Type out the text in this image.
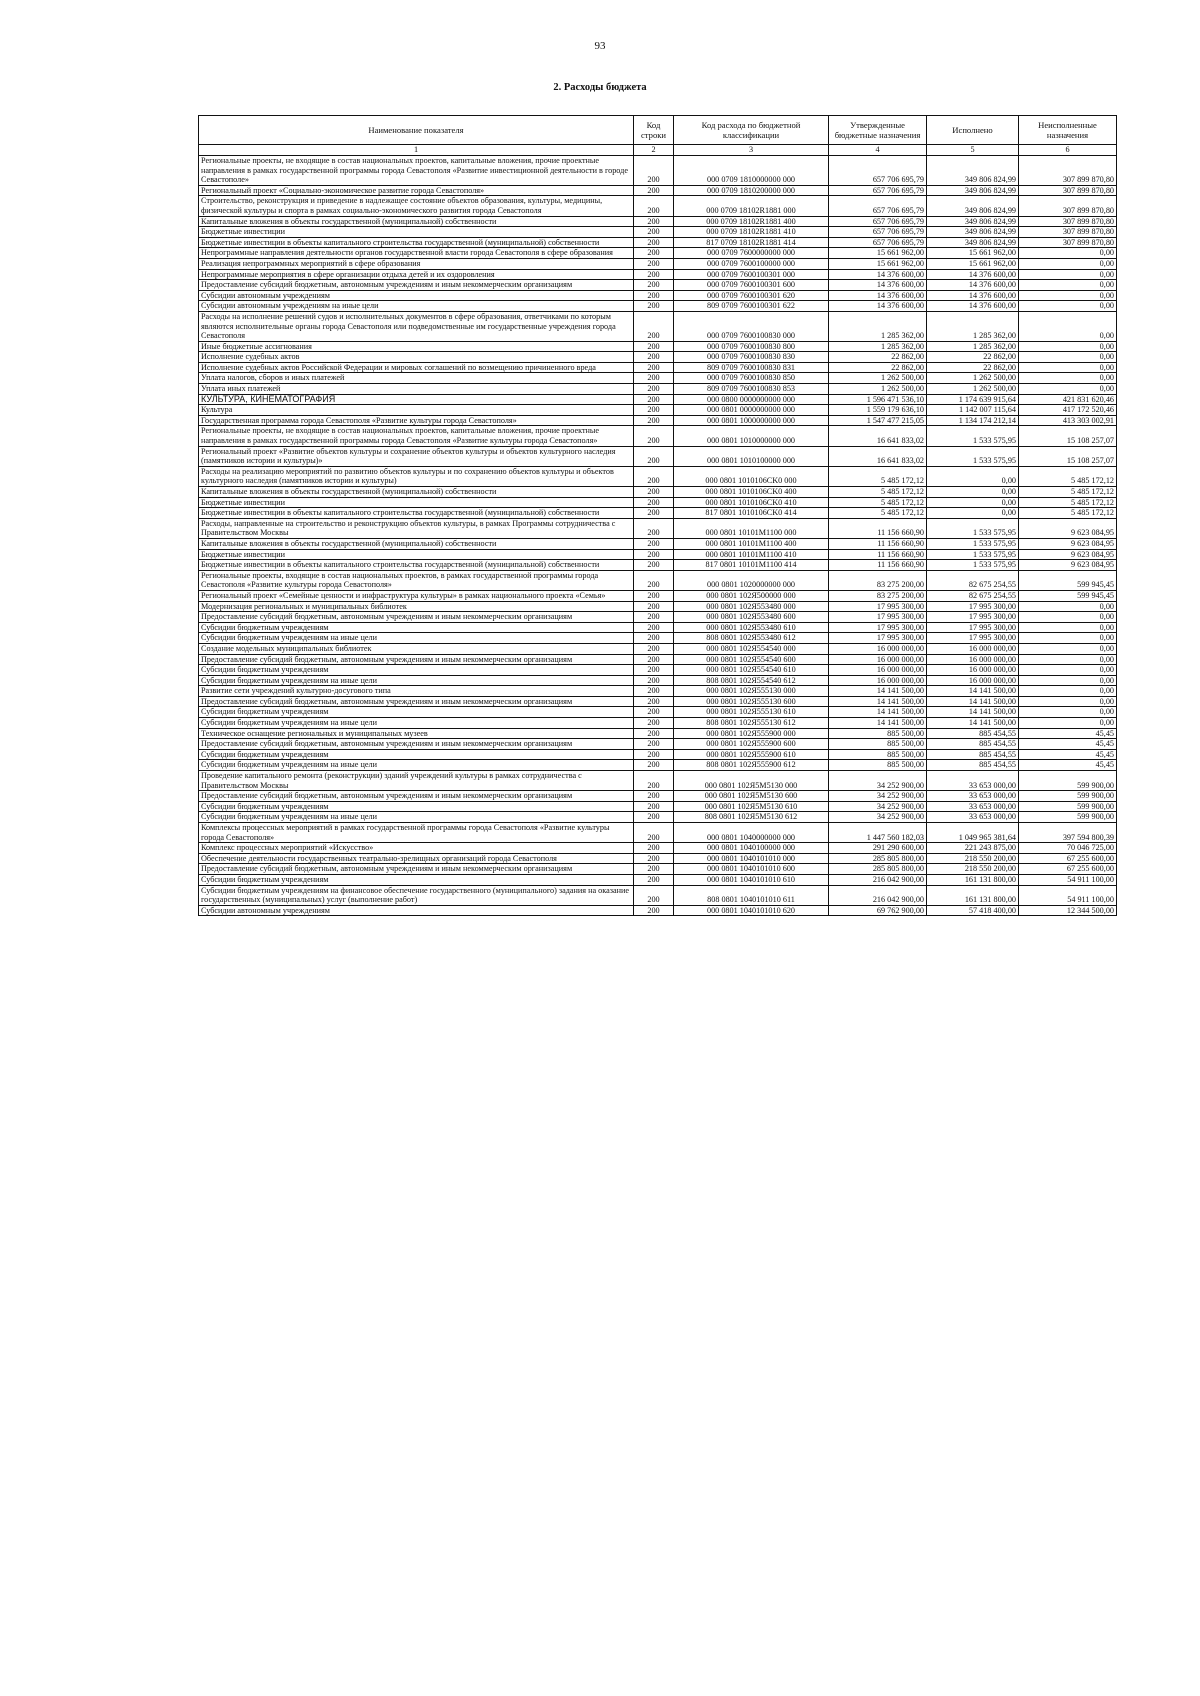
93
2. Расходы бюджета
Наименование показателя	Код строки	Код расхода по бюджетной классификации	Утвержденные бюджетные назначения	Исполнено	Неисполненные назначения
1	2	3	4	5	6
Региональные проекты, не входящие в состав национальных проектов, капитальные вложения, прочие проектные направления в рамках государственной программы города Севастополя «Развитие инвестиционной деятельности в городе Севастополе»	200	000 0709 1810000000 000	657 706 695,79	349 806 824,99	307 899 870,80
Региональный проект «Социально-экономическое развитие города Севастополя»	200	000 0709 1810200000 000	657 706 695,79	349 806 824,99	307 899 870,80
Строительство, реконструкция и приведение в надлежащее состояние объектов образования, культуры, медицины, физической культуры и спорта в рамках социально-экономического развития города Севастополя	200	000 0709 18102R1881 000	657 706 695,79	349 806 824,99	307 899 870,80
Капитальные вложения в объекты государственной (муниципальной) собственности	200	000 0709 18102R1881 400	657 706 695,79	349 806 824,99	307 899 870,80
Бюджетные инвестиции	200	000 0709 18102R1881 410	657 706 695,79	349 806 824,99	307 899 870,80
Бюджетные инвестиции в объекты капитального строительства государственной (муниципальной) собственности	200	817 0709 18102R1881 414	657 706 695,79	349 806 824,99	307 899 870,80
Непрограммные направления деятельности органов государственной власти города Севастополя в сфере образования	200	000 0709 7600000000 000	15 661 962,00	15 661 962,00	0,00
Реализация непрограммных мероприятий в сфере образования	200	000 0709 7600100000 000	15 661 962,00	15 661 962,00	0,00
Непрограммные мероприятия в сфере организации отдыха детей и их оздоровления	200	000 0709 7600100301 000	14 376 600,00	14 376 600,00	0,00
Предоставление субсидий бюджетным, автономным учреждениям и иным некоммерческим организациям	200	000 0709 7600100301 600	14 376 600,00	14 376 600,00	0,00
Субсидии автономным учреждениям	200	000 0709 7600100301 620	14 376 600,00	14 376 600,00	0,00
Субсидии автономным учреждениям на иные цели	200	809 0709 7600100301 622	14 376 600,00	14 376 600,00	0,00
Расходы на исполнение решений судов и исполнительных документов в сфере образования, ответчиками по которым являются исполнительные органы города Севастополя или подведомственные им государственные учреждения города Севастополя	200	000 0709 7600100830 000	1 285 362,00	1 285 362,00	0,00
Иные бюджетные ассигнования	200	000 0709 7600100830 800	1 285 362,00	1 285 362,00	0,00
Исполнение судебных актов	200	000 0709 7600100830 830	22 862,00	22 862,00	0,00
Исполнение судебных актов Российской Федерации и мировых соглашений по возмещению причиненного вреда	200	809 0709 7600100830 831	22 862,00	22 862,00	0,00
Уплата налогов, сборов и иных платежей	200	000 0709 7600100830 850	1 262 500,00	1 262 500,00	0,00
Уплата иных платежей	200	809 0709 7600100830 853	1 262 500,00	1 262 500,00	0,00
КУЛЬТУРА, КИНЕМАТОГРАФИЯ	200	000 0800 0000000000 000	1 596 471 536,10	1 174 639 915,64	421 831 620,46
Культура	200	000 0801 0000000000 000	1 559 179 636,10	1 142 007 115,64	417 172 520,46
Государственная программа города Севастополя «Развитие культуры города Севастополя»	200	000 0801 1000000000 000	1 547 477 215,05	1 134 174 212,14	413 303 002,91
Региональные проекты, не входящие в состав национальных проектов, капитальные вложения, прочие проектные направления в рамках государственной программы города Севастополя «Развитие культуры города Севастополя»	200	000 0801 1010000000 000	16 641 833,02	1 533 575,95	15 108 257,07
Региональный проект «Развитие объектов культуры и сохранение объектов культуры и объектов культурного наследия (памятников истории и культуры)»	200	000 0801 1010100000 000	16 641 833,02	1 533 575,95	15 108 257,07
Расходы на реализацию мероприятий по развитию объектов культуры и по сохранению объектов культуры и объектов культурного наследия (памятников истории и культуры)	200	000 0801 1010106CK0 000	5 485 172,12	0,00	5 485 172,12
Капитальные вложения в объекты государственной (муниципальной) собственности	200	000 0801 1010106CK0 400	5 485 172,12	0,00	5 485 172,12
Бюджетные инвестиции	200	000 0801 1010106CK0 410	5 485 172,12	0,00	5 485 172,12
Бюджетные инвестиции в объекты капитального строительства государственной (муниципальной) собственности	200	817 0801 1010106CK0 414	5 485 172,12	0,00	5 485 172,12
Расходы, направленные на строительство и реконструкцию объектов культуры, в рамках Программы сотрудничества с Правительством Москвы	200	000 0801 10101M1100 000	11 156 660,90	1 533 575,95	9 623 084,95
Капитальные вложения в объекты государственной (муниципальной) собственности	200	000 0801 10101M1100 400	11 156 660,90	1 533 575,95	9 623 084,95
Бюджетные инвестиции	200	000 0801 10101M1100 410	11 156 660,90	1 533 575,95	9 623 084,95
Бюджетные инвестиции в объекты капитального строительства государственной (муниципальной) собственности	200	817 0801 10101M1100 414	11 156 660,90	1 533 575,95	9 623 084,95
Региональные проекты, входящие в состав национальных проектов, в рамках государственной программы города Севастополя «Развитие культуры города Севастополя»	200	000 0801 1020000000 000	83 275 200,00	82 675 254,55	599 945,45
Региональный проект «Семейные ценности и инфраструктура культуры» в рамках национального проекта «Семья»	200	000 0801 102Я500000 000	83 275 200,00	82 675 254,55	599 945,45
Модернизация региональных и муниципальных библиотек	200	000 0801 102Я553480 000	17 995 300,00	17 995 300,00	0,00
Предоставление субсидий бюджетным, автономным учреждениям и иным некоммерческим организациям	200	000 0801 102Я553480 600	17 995 300,00	17 995 300,00	0,00
Субсидии бюджетным учреждениям	200	000 0801 102Я553480 610	17 995 300,00	17 995 300,00	0,00
Субсидии бюджетным учреждениям на иные цели	200	808 0801 102Я553480 612	17 995 300,00	17 995 300,00	0,00
Создание модельных муниципальных библиотек	200	000 0801 102Я554540 000	16 000 000,00	16 000 000,00	0,00
Предоставление субсидий бюджетным, автономным учреждениям и иным некоммерческим организациям	200	000 0801 102Я554540 600	16 000 000,00	16 000 000,00	0,00
Субсидии бюджетным учреждениям	200	000 0801 102Я554540 610	16 000 000,00	16 000 000,00	0,00
Субсидии бюджетным учреждениям на иные цели	200	808 0801 102Я554540 612	16 000 000,00	16 000 000,00	0,00
Развитие сети учреждений культурно-досугового типа	200	000 0801 102Я555130 000	14 141 500,00	14 141 500,00	0,00
Предоставление субсидий бюджетным, автономным учреждениям и иным некоммерческим организациям	200	000 0801 102Я555130 600	14 141 500,00	14 141 500,00	0,00
Субсидии бюджетным учреждениям	200	000 0801 102Я555130 610	14 141 500,00	14 141 500,00	0,00
Субсидии бюджетным учреждениям на иные цели	200	808 0801 102Я555130 612	14 141 500,00	14 141 500,00	0,00
Техническое оснащение региональных и муниципальных музеев	200	000 0801 102Я555900 000	885 500,00	885 454,55	45,45
Предоставление субсидий бюджетным, автономным учреждениям и иным некоммерческим организациям	200	000 0801 102Я555900 600	885 500,00	885 454,55	45,45
Субсидии бюджетным учреждениям	200	000 0801 102Я555900 610	885 500,00	885 454,55	45,45
Субсидии бюджетным учреждениям на иные цели	200	808 0801 102Я555900 612	885 500,00	885 454,55	45,45
Проведение капитального ремонта (реконструкции) зданий учреждений культуры в рамках сотрудничества с Правительством Москвы	200	000 0801 102Я5M5130 000	34 252 900,00	33 653 000,00	599 900,00
Предоставление субсидий бюджетным, автономным учреждениям и иным некоммерческим организациям	200	000 0801 102Я5M5130 600	34 252 900,00	33 653 000,00	599 900,00
Субсидии бюджетным учреждениям	200	000 0801 102Я5M5130 610	34 252 900,00	33 653 000,00	599 900,00
Субсидии бюджетным учреждениям на иные цели	200	808 0801 102Я5M5130 612	34 252 900,00	33 653 000,00	599 900,00
Комплексы процессных мероприятий в рамках государственной программы города Севастополя «Развитие культуры города Севастополя»	200	000 0801 1040000000 000	1 447 560 182,03	1 049 965 381,64	397 594 800,39
Комплекс процессных мероприятий «Искусство»	200	000 0801 1040100000 000	291 290 600,00	221 243 875,00	70 046 725,00
Обеспечение деятельности государственных театрально-зрелищных организаций города Севастополя	200	000 0801 1040101010 000	285 805 800,00	218 550 200,00	67 255 600,00
Предоставление субсидий бюджетным, автономным учреждениям и иным некоммерческим организациям	200	000 0801 1040101010 600	285 805 800,00	218 550 200,00	67 255 600,00
Субсидии бюджетным учреждениям	200	000 0801 1040101010 610	216 042 900,00	161 131 800,00	54 911 100,00
Субсидии бюджетным учреждениям на финансовое обеспечение государственного (муниципального) задания на оказание государственных (муниципальных) услуг (выполнение работ)	200	808 0801 1040101010 611	216 042 900,00	161 131 800,00	54 911 100,00
Субсидии автономным учреждениям	200	000 0801 1040101010 620	69 762 900,00	57 418 400,00	12 344 500,00
